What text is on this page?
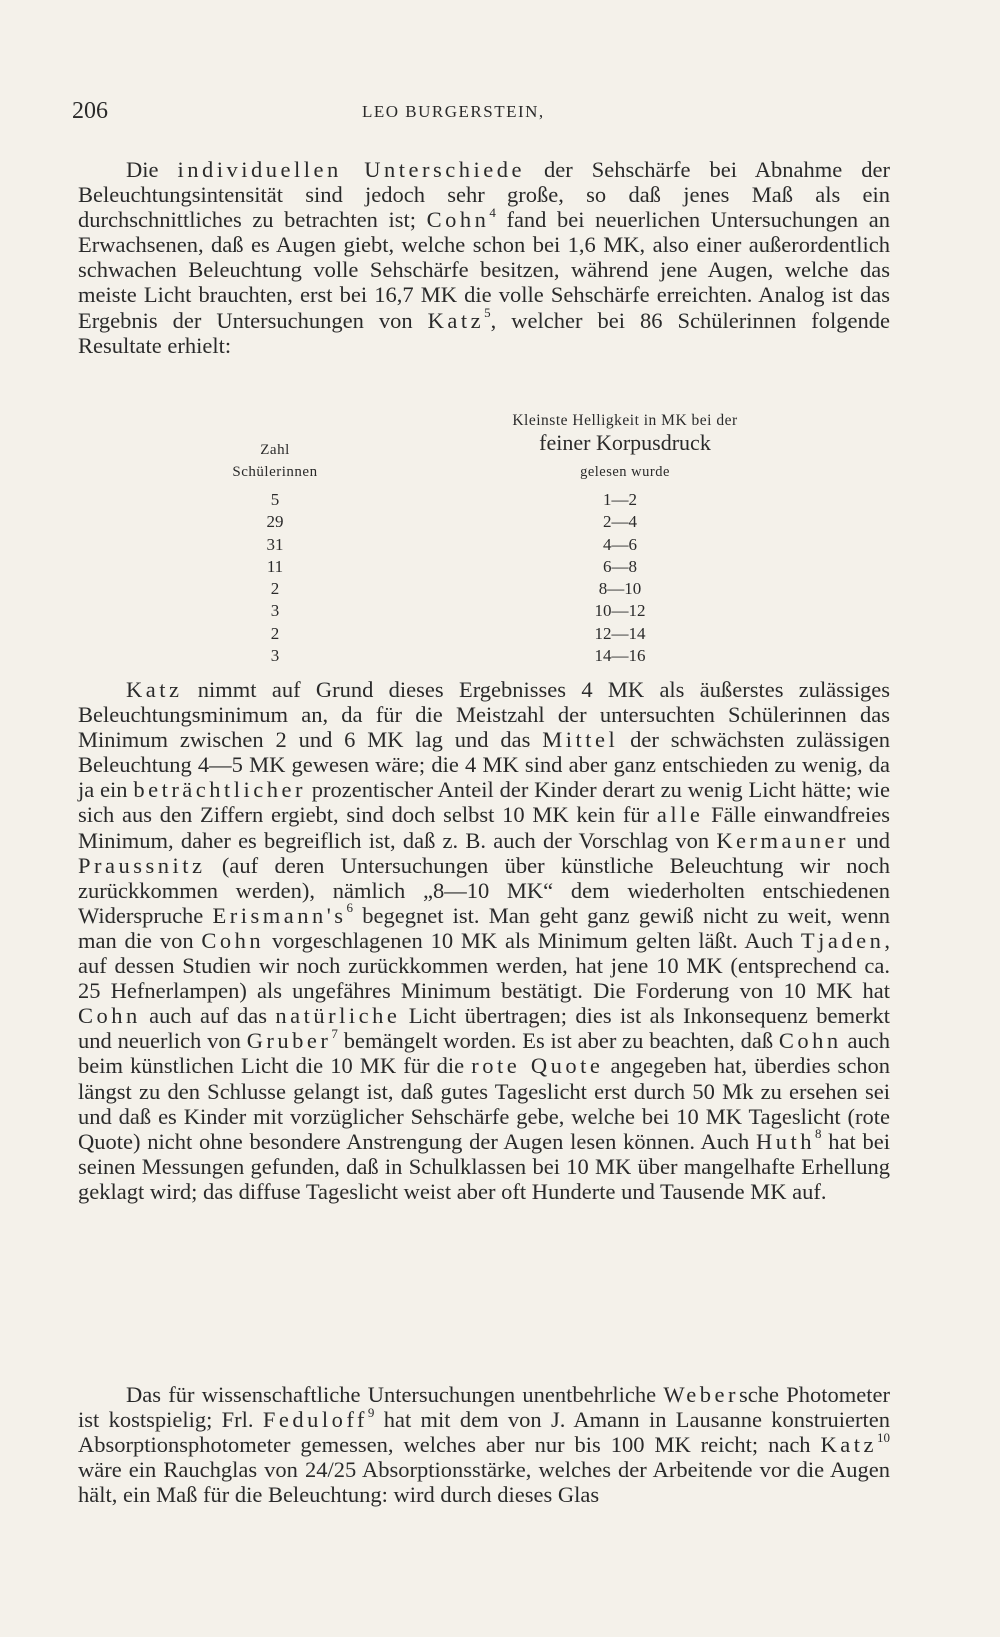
206	LEO BURGERSTEIN,

Die individuellen Unterschiede der Sehschärfe bei Abnahme der Beleuchtungsintensität sind jedoch sehr große, so daß jenes Maß als ein durchschnittliches zu betrachten ist; Cohn$^4$ fand bei neuerlichen Untersuchungen an Erwachsenen, daß es Augen giebt, welche schon bei 1,6 MK, also einer außerordentlich schwachen Beleuchtung volle Sehschärfe besitzen, während jene Augen, welche das meiste Licht brauchten, erst bei 16,7 MK die volle Sehschärfe erreichten. Analog ist das Ergebnis der Untersuchungen von Katz$^5$, welcher bei 86 Schülerinnen folgende Resultate erhielt:

Kleinste Helligkeit in MK bei der
feiner Korpusdruck
gelesen wurde
Zahl
Schülerinnen
5	1—2
29	2—4
31	4—6
11	6—8
2	8—10
3	10—12
2	12—14
3	14—16

Katz nimmt auf Grund dieses Ergebnisses 4 MK als äußerstes zulässiges Beleuchtungsminimum an, da für die Meistzahl der untersuchten Schülerinnen das Minimum zwischen 2 und 6 MK lag und das Mittel der schwächsten zulässigen Beleuchtung 4—5 MK gewesen wäre; die 4 MK sind aber ganz entschieden zu wenig, da ja ein beträchtlicher prozentischer Anteil der Kinder derart zu wenig Licht hätte; wie sich aus den Ziffern ergiebt, sind doch selbst 10 MK kein für alle Fälle einwandfreies Minimum, daher es begreiflich ist, daß z. B. auch der Vorschlag von Kermauner und Praussnitz (auf deren Untersuchungen über künstliche Beleuchtung wir noch zurückkommen werden), nämlich „8—10 MK“ dem wiederholten entschiedenen Widerspruche $Erismann's^6$ begegnet ist. Man geht ganz gewiß nicht zu weit, wenn man die von Cohn vorgeschlagenen 10 MK als Minimum gelten läßt. Auch Tjaden, auf dessen Studien wir noch zurückkommen werden, hat jene 10 MK (entsprechend ca. 25 Hefnerlampen) als ungefähres Minimum bestätigt. Die Forderung von 10 MK hat Cohn auch auf das natürliche Licht übertragen; dies ist als Inkonsequenz bemerkt und neuerlich von Gruber$^7$ bemängelt worden. Es ist aber zu beachten, daß Cohn auch beim künstlichen Licht die 10 MK für die rote Quote angegeben hat, überdies schon längst zu den Schlusse gelangt ist, daß gutes Tageslicht erst durch 50 Mk zu ersehen sei und daß es Kinder mit vorzüglicher Sehschärfe gebe, welche bei 10 MK Tageslicht (rote Quote) nicht ohne besondere Anstrengung der Augen lesen können. Auch Huth$^8$ hat bei seinen Messungen gefunden, daß in Schulklassen bei 10 MK über mangelhafte Erhellung geklagt wird; das diffuse Tageslicht weist aber oft Hunderte und Tausende MK auf.

Das für wissenschaftliche Untersuchungen unentbehrliche Webersche Photometer ist kostspielig; Frl. Feduloff$^9$ hat mit dem von J. Amann in Lausanne konstruierten Absorptionsphotometer gemessen, welches aber nur bis 100 MK reicht; nach Katz$^{10}$ wäre ein Rauchglas von 24/25 Absorptionsstärke, welches der Arbeitende vor die Augen hält, ein Maß für die Beleuchtung: wird durch dieses Glas
